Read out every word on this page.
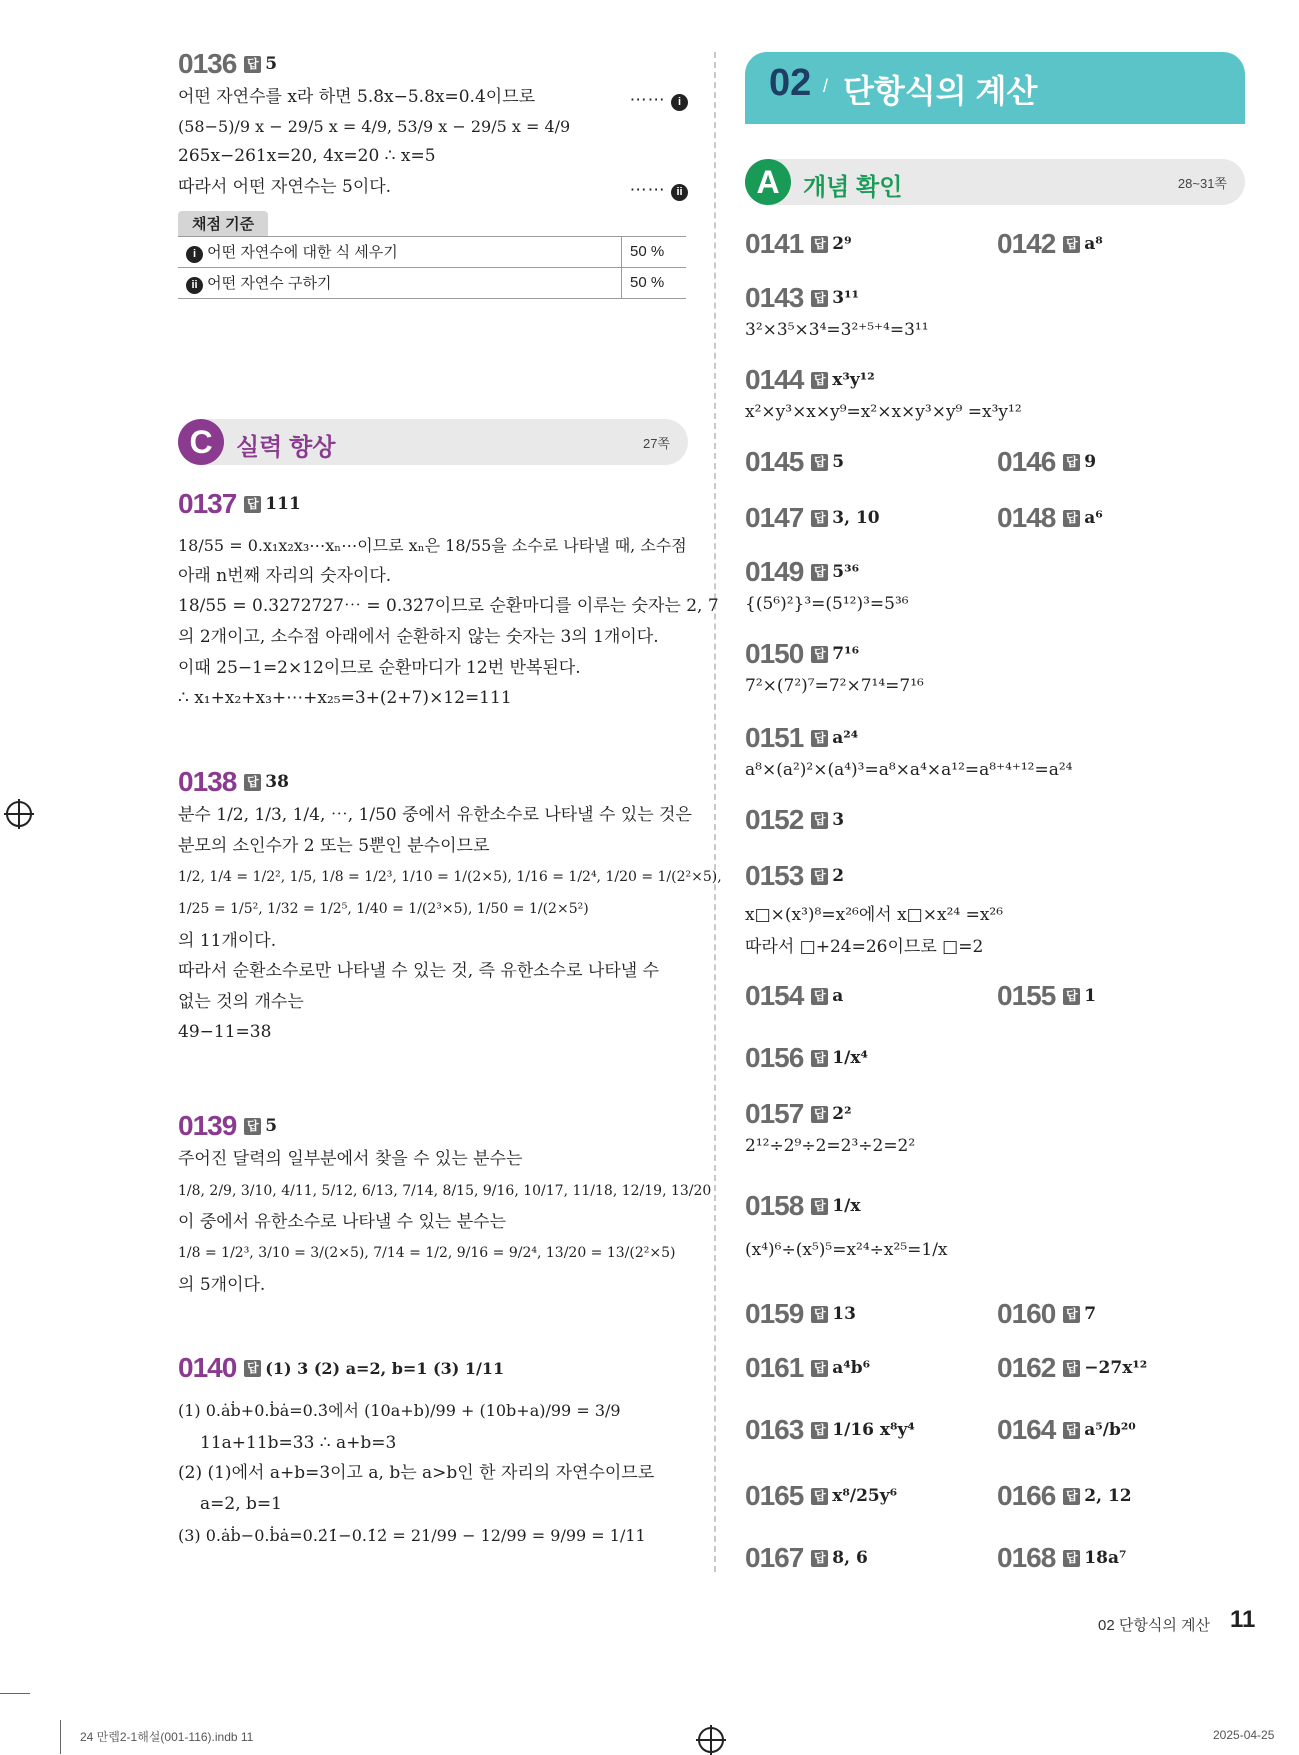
0136 답 5
어떤 자연수를 x라 하면 5.8̇x−5.8x=0.4̇이므로	⋯⋯ i
(58−5)/9 x − 29/5 x = 4/9, 53/9 x − 29/5 x = 4/9
265x−261x=20, 4x=20 ∴ x=5
따라서 어떤 자연수는 5이다.	⋯⋯ ii
채점 기준
i 어떤 자연수에 대한 식 세우기	50 %
ii 어떤 자연수 구하기	50 %
C 실력 향상	27쪽
0137 답 111
18/55 = 0.x₁x₂x₃⋯xₙ⋯이므로 xₙ은 18/55을 소수로 나타낼 때, 소수점
아래 n번째 자리의 숫자이다.
18/55 = 0.3272727⋯ = 0.32̇7̇이므로 순환마디를 이루는 숫자는 2, 7
의 2개이고, 소수점 아래에서 순환하지 않는 숫자는 3의 1개이다.
이때 25−1=2×12이므로 순환마디가 12번 반복된다.
∴ x₁+x₂+x₃+⋯+x₂₅=3+(2+7)×12=111
0138 답 38
분수 1/2, 1/3, 1/4, ⋯, 1/50 중에서 유한소수로 나타낼 수 있는 것은
분모의 소인수가 2 또는 5뿐인 분수이므로
1/2, 1/4 = 1/2², 1/5, 1/8 = 1/2³, 1/10 = 1/(2×5), 1/16 = 1/2⁴, 1/20 = 1/(2²×5),
1/25 = 1/5², 1/32 = 1/2⁵, 1/40 = 1/(2³×5), 1/50 = 1/(2×5²)
의 11개이다.
따라서 순환소수로만 나타낼 수 있는 것, 즉 유한소수로 나타낼 수
없는 것의 개수는
49−11=38
0139 답 5
주어진 달력의 일부분에서 찾을 수 있는 분수는
1/8, 2/9, 3/10, 4/11, 5/12, 6/13, 7/14, 8/15, 9/16, 10/17, 11/18, 12/19, 13/20
이 중에서 유한소수로 나타낼 수 있는 분수는
1/8 = 1/2³, 3/10 = 3/(2×5), 7/14 = 1/2, 9/16 = 9/2⁴, 13/20 = 13/(2²×5)
의 5개이다.
0140 답 (1) 3 (2) a=2, b=1 (3) 1/11
(1) 0.ȧḃ+0.ḃȧ=0.3̇에서 (10a+b)/99 + (10b+a)/99 = 3/9
11a+11b=33 ∴ a+b=3
(2) (1)에서 a+b=3이고 a, b는 a>b인 한 자리의 자연수이므로
a=2, b=1
(3) 0.ȧḃ−0.ḃȧ=0.2̇1̇−0.1̇2̇ = 21/99 − 12/99 = 9/99 = 1/11
02 / 단항식의 계산
A 개념 확인	28~31쪽
0141 답 2⁹	0142 답 a⁸
0143 답 3¹¹
3²×3⁵×3⁴=3²⁺⁵⁺⁴=3¹¹
0144 답 x³y¹²
x²×y³×x×y⁹=x²×x×y³×y⁹ =x³y¹²
0145 답 5	0146 답 9
0147 답 3, 10	0148 답 a⁶
0149 답 5³⁶
{(5⁶)²}³=(5¹²)³=5³⁶
0150 답 7¹⁶
7²×(7²)⁷=7²×7¹⁴=7¹⁶
0151 답 a²⁴
a⁸×(a²)²×(a⁴)³=a⁸×a⁴×a¹²=a⁸⁺⁴⁺¹²=a²⁴
0152 답 3
0153 답 2
x□×(x³)⁸=x²⁶에서 x□×x²⁴ =x²⁶
따라서 □+24=26이므로 □=2
0154 답 a	0155 답 1
0156 답 1/x⁴
0157 답 2²
2¹²÷2⁹÷2=2³÷2=2²
0158 답 1/x
(x⁴)⁶÷(x⁵)⁵=x²⁴÷x²⁵=1/x
0159 답 13	0160 답 7
0161 답 a⁴b⁶	0162 답 −27x¹²
0163 답 1/16 x⁸y⁴	0164 답 a⁵/b²⁰
0165 답 x⁸/25y⁶	0166 답 2, 12
0167 답 8, 6	0168 답 18a⁷
02 단항식의 계산 11
24 만렙2-1해설(001-116).indb 11	2025-04-25
